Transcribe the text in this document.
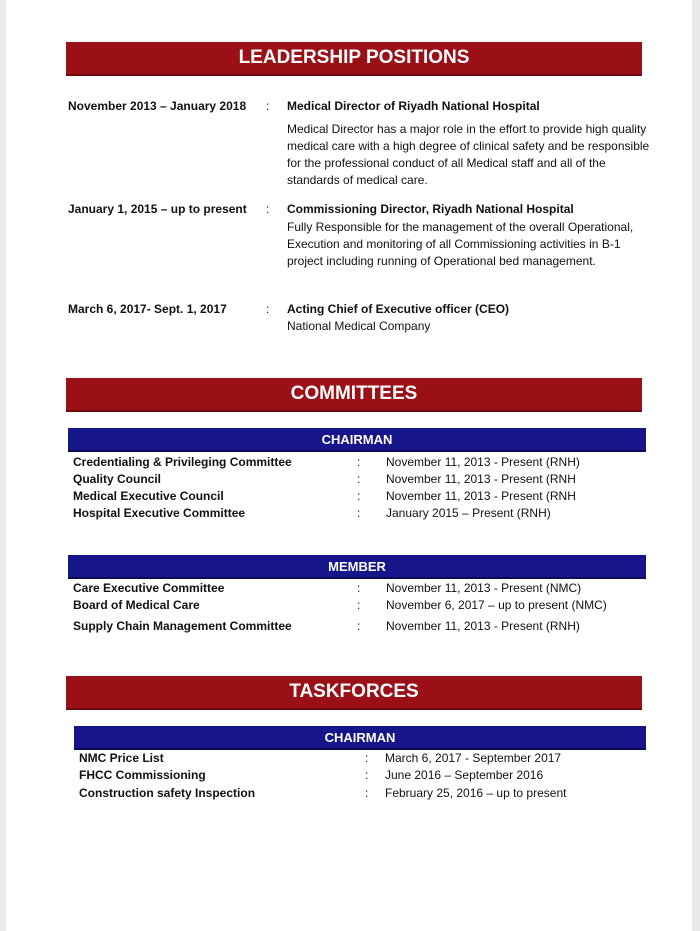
LEADERSHIP POSITIONS
November 2013 – January 2018 : Medical Director of Riyadh National Hospital
Medical Director has a major role in the effort to provide high quality medical care with a high degree of clinical safety and be responsible for the professional conduct of all Medical staff and all of the standards of medical care.
January 1, 2015 – up to present : Commissioning Director, Riyadh National Hospital
Fully Responsible for the management of the overall Operational, Execution and monitoring of all Commissioning activities in B-1 project including running of Operational bed management.
March 6, 2017- Sept. 1, 2017	: Acting Chief of Executive officer (CEO)
National Medical Company
COMMITTEES
CHAIRMAN
Credentialing & Privileging Committee	: November 11, 2013 - Present (RNH)
Quality Council	: November 11, 2013 - Present (RNH
Medical Executive Council	: November 11, 2013 - Present (RNH
Hospital Executive Committee	: January 2015 – Present (RNH)
MEMBER
Care Executive Committee	: November 11, 2013 - Present (NMC)
Board of Medical Care	: November 6, 2017 – up to present (NMC)
Supply Chain Management Committee	: November 11, 2013 - Present (RNH)
TASKFORCES
CHAIRMAN
NMC Price List	: March 6, 2017 - September 2017
FHCC Commissioning	: June 2016 – September 2016
Construction safety Inspection	: February 25, 2016 – up to present
